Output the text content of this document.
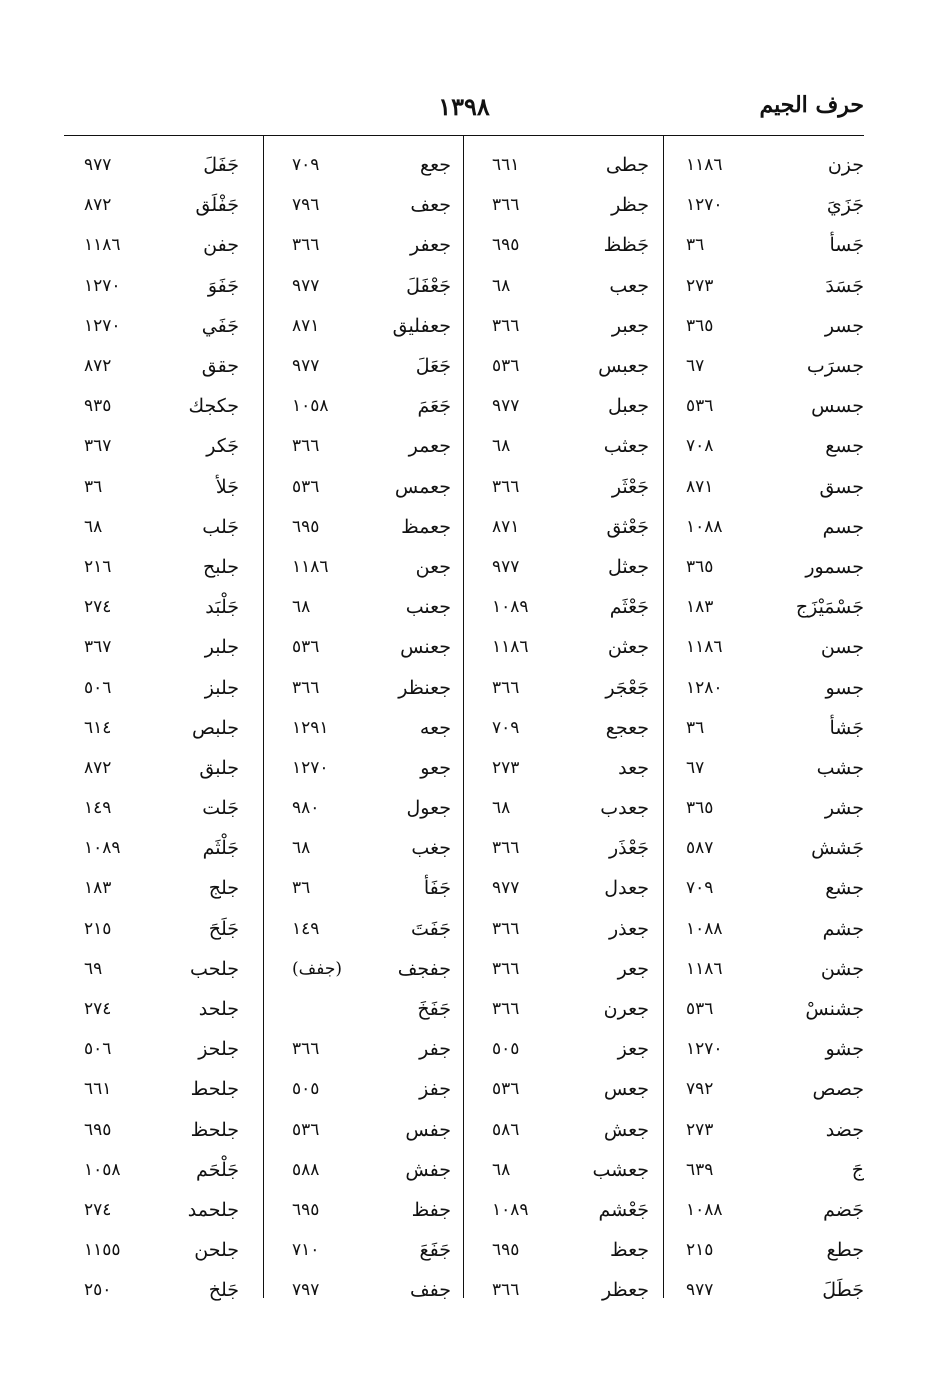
حرف الجيم
١٣٩٨
جزن
١١٨٦
جَزَيَ
١٢٧٠
جَسأ
٣٦
جَسَدَ
٢٧٣
جسر
٣٦٥
جسرَب
٦٧
جسس
٥٣٦
جسع
٧٠٨
جسق
٨٧١
جسم
١٠٨٨
جسمور
٣٦٥
جَسْمَيْزَج
١٨٣
جسن
١١٨٦
جسو
١٢٨٠
جَشأ
٣٦
جشب
٦٧
جشر
٣٦٥
جَشش
٥٨٧
جشع
٧٠٩
جشم
١٠٨٨
جشن
١١٨٦
جشنسْ
٥٣٦
جشو
١٢٧٠
جصص
٧٩٢
جضد
٢٧٣
جَ
٦٣٩
جَضم
١٠٨٨
جطع
٢١٥
جَطَلَ
٩٧٧
جطى
٦٦١
جظر
٣٦٦
جَظظ
٦٩٥
جعب
٦٨
جعبر
٣٦٦
جعبس
٥٣٦
جعبل
٩٧٧
جعثب
٦٨
جَعْثَر
٣٦٦
جَعْثق
٨٧١
جعثل
٩٧٧
جَعْثَم
١٠٨٩
جعثن
١١٨٦
جَعْجَر
٣٦٦
جعجع
٧٠٩
جعد
٢٧٣
جعدب
٦٨
جَعْذَر
٣٦٦
جعدل
٩٧٧
جعذر
٣٦٦
جعر
٣٦٦
جعرن
٣٦٦
جعز
٥٠٥
جعس
٥٣٦
جعش
٥٨٦
جعشب
٦٨
جَعْشم
١٠٨٩
جعظ
٦٩٥
جعظر
٣٦٦
جعع
٧٠٩
جعف
٧٩٦
جعفر
٣٦٦
جَعْفَلَ
٩٧٧
جعفليق
٨٧١
جَعَلَ
٩٧٧
جَعَمَ
١٠٥٨
جعمر
٣٦٦
جعمس
٥٣٦
جعمظ
٦٩٥
جعن
١١٨٦
جعنب
٦٨
جعنس
٥٣٦
جعنظر
٣٦٦
جعه
١٢٩١
جعو
١٢٧٠
جعول
٩٨٠
جغب
٦٨
جَفَأ
٣٦
جَفَتَ
١٤٩
جفجف
(جفف)
جَفَخَ
جفر
٣٦٦
جفز
٥٠٥
جفس
٥٣٦
جفش
٥٨٨
جفظ
٦٩٥
جَفَعَ
٧١٠
جفف
٧٩٧
جَفَلَ
٩٧٧
جَفْلَق
٨٧٢
جفن
١١٨٦
جَفَوَ
١٢٧٠
جَفَي
١٢٧٠
جقق
٨٧٢
جكجك
٩٣٥
جَكر
٣٦٧
جَلأ
٣٦
جَلب
٦٨
جلبح
٢١٦
جَلْبَد
٢٧٤
جلبر
٣٦٧
جلبز
٥٠٦
جلبص
٦١٤
جلبق
٨٧٢
جَلت
١٤٩
جَلْثَم
١٠٨٩
جلج
١٨٣
جَلَحَ
٢١٥
جلحب
٦٩
جلحد
٢٧٤
جلحز
٥٠٦
جلحط
٦٦١
جلحظ
٦٩٥
جَلْحَم
١٠٥٨
جلحمد
٢٧٤
جلحن
١١٥٥
جَلخ
٢٥٠
